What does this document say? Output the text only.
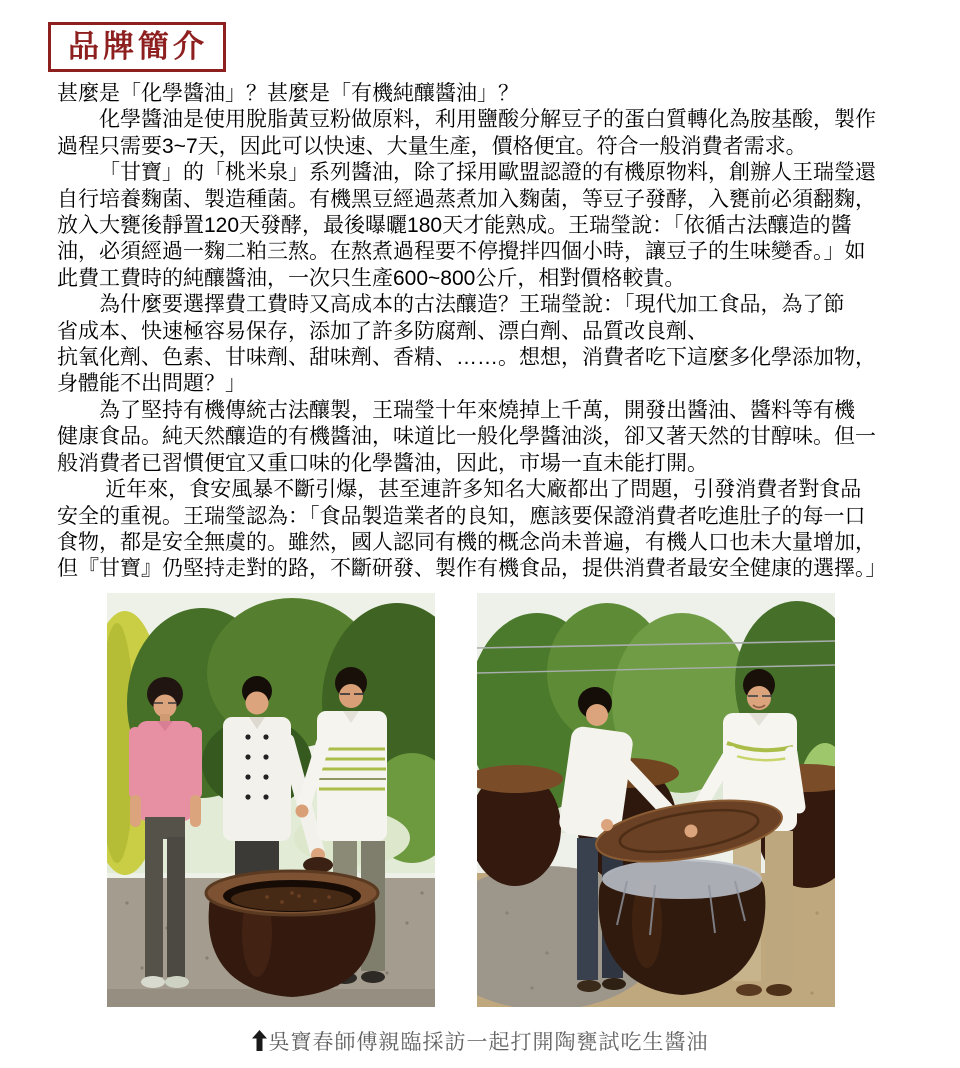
品牌簡介
甚麼是「化學醬油」？甚麼是「有機純釀醬油」？
化學醬油是使用脫脂黃豆粉做原料，利用鹽酸分解豆子的蛋白質轉化為胺基酸，製作
過程只需要3~7天，因此可以快速、大量生產，價格便宜。符合一般消費者需求。
「甘寶」的「桃米泉」系列醬油，除了採用歐盟認證的有機原物料，創辦人王瑞瑩還
自行培養麴菌、製造種菌。有機黑豆經過蒸煮加入麴菌，等豆子發酵，入甕前必須翻麴，
放入大甕後靜置120天發酵，最後曝曬180天才能熟成。王瑞瑩說：「依循古法釀造的醬
油，必須經過一麴二粕三熬。在熬煮過程要不停攪拌四個小時，讓豆子的生味變香。」如
此費工費時的純釀醬油，一次只生產600~800公斤，相對價格較貴。
為什麼要選擇費工費時又高成本的古法釀造？王瑞瑩說：「現代加工食品，為了節
省成本、快速極容易保存，添加了許多防腐劑、漂白劑、品質改良劑、
抗氧化劑、色素、甘味劑、甜味劑、香精、……。想想，消費者吃下這麼多化學添加物，
身體能不出問題？」
為了堅持有機傳統古法釀製，王瑞瑩十年來燒掉上千萬，開發出醬油、醬料等有機
健康食品。純天然釀造的有機醬油，味道比一般化學醬油淡，卻又著天然的甘醇味。但一
般消費者已習慣便宜又重口味的化學醬油，因此，市場一直未能打開。
近年來，食安風暴不斷引爆，甚至連許多知名大廠都出了問題，引發消費者對食品
安全的重視。王瑞瑩認為：「食品製造業者的良知，應該要保證消費者吃進肚子的每一口
食物，都是安全無虞的。雖然，國人認同有機的概念尚未普遍，有機人口也未大量增加，
但『甘寶』仍堅持走對的路，不斷研發、製作有機食品，提供消費者最安全健康的選擇。」
吳寶春師傅親臨採訪一起打開陶甕試吃生醬油
